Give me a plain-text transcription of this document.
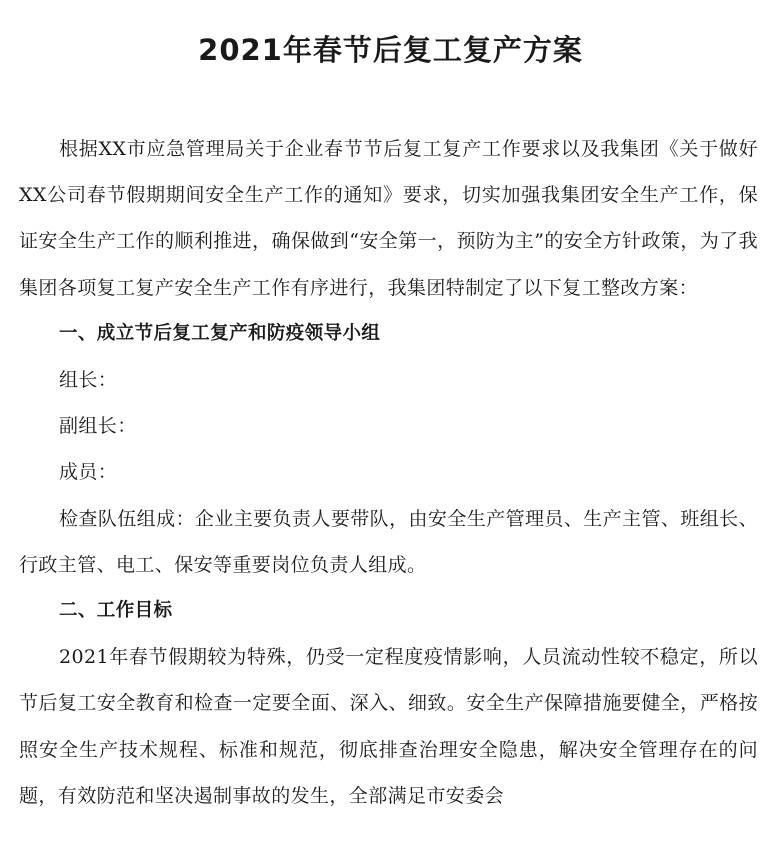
2021年春节后复工复产方案

根据XX市应急管理局关于企业春节节后复工复产工作要求以及我集团《关于做好XX公司春节假期期间安全生产工作的通知》要求，切实加强我集团安全生产工作，保证安全生产工作的顺利推进，确保做到“安全第一，预防为主”的安全方针政策，为了我集团各项复工复产安全生产工作有序进行，我集团特制定了以下复工整改方案：

一、成立节后复工复产和防疫领导小组

组长：

副组长：

成员：

检查队伍组成：企业主要负责人要带队，由安全生产管理员、生产主管、班组长、行政主管、电工、保安等重要岗位负责人组成。

二、工作目标

2021年春节假期较为特殊，仍受一定程度疫情影响，人员流动性较不稳定，所以节后复工安全教育和检查一定要全面、深入、细致。安全生产保障措施要健全，严格按照安全生产技术规程、标准和规范，彻底排查治理安全隐患，解决安全管理存在的问题，有效防范和坚决遏制事故的发生，全部满足市安委会
